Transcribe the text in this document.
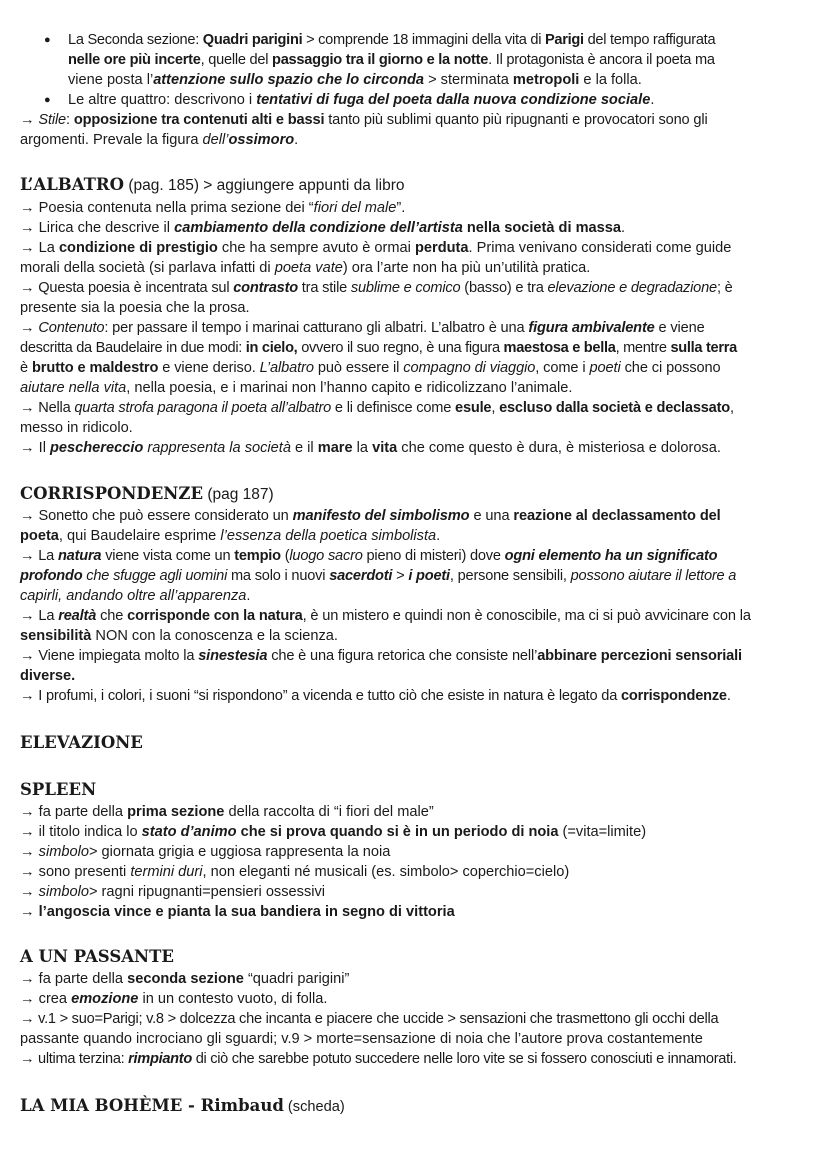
● La Seconda sezione: Quadri parigini > comprende 18 immagini della vita di Parigi del tempo raffigurata
nelle ore più incerte, quelle del passaggio tra il giorno e la notte. Il protagonista è ancora il poeta ma
viene posta l’attenzione sullo spazio che lo circonda > sterminata metropoli e la folla.
● Le altre quattro: descrivono i tentativi di fuga del poeta dalla nuova condizione sociale.
→ Stile: opposizione tra contenuti alti e bassi tanto più sublimi quanto più ripugnanti e provocatori sono gli
argomenti. Prevale la figura dell’ossimoro.
L’ALBATRO (pag. 185) > aggiungere appunti da libro
→ Poesia contenuta nella prima sezione dei “fiori del male”.
→ Lirica che descrive il cambiamento della condizione dell’artista nella società di massa.
→ La condizione di prestigio che ha sempre avuto è ormai perduta. Prima venivano considerati come guide
morali della società (si parlava infatti di poeta vate) ora l’arte non ha più un’utilità pratica.
→ Questa poesia è incentrata sul contrasto tra stile sublime e comico (basso) e tra elevazione e degradazione; è
presente sia la poesia che la prosa.
→ Contenuto: per passare il tempo i marinai catturano gli albatri. L’albatro è una figura ambivalente e viene
descritta da Baudelaire in due modi: in cielo, ovvero il suo regno, è una figura maestosa e bella, mentre sulla terra
è brutto e maldestro e viene deriso. L’albatro può essere il compagno di viaggio, come i poeti che ci possono
aiutare nella vita, nella poesia, e i marinai non l’hanno capito e ridicolizzano l’animale.
→ Nella quarta strofa paragona il poeta all’albatro e li definisce come esule, escluso dalla società e declassato,
messo in ridicolo.
→ Il peschereccio rappresenta la società e il mare la vita che come questo è dura, è misteriosa e dolorosa.
CORRISPONDENZE (pag 187)
→ Sonetto che può essere considerato un manifesto del simbolismo e una reazione al declassamento del
poeta, qui Baudelaire esprime l’essenza della poetica simbolista.
→ La natura viene vista come un tempio (luogo sacro pieno di misteri) dove ogni elemento ha un significato
profondo che sfugge agli uomini ma solo i nuovi sacerdoti > i poeti, persone sensibili, possono aiutare il lettore a
capirli, andando oltre all’apparenza.
→ La realtà che corrisponde con la natura, è un mistero e quindi non è conoscibile, ma ci si può avvicinare con la
sensibilità NON con la conoscenza e la scienza.
→ Viene impiegata molto la sinestesia che è una figura retorica che consiste nell’abbinare percezioni sensoriali
diverse.
→ I profumi, i colori, i suoni “si rispondono” a vicenda e tutto ciò che esiste in natura è legato da corrispondenze.
ELEVAZIONE
SPLEEN
→ fa parte della prima sezione della raccolta di “i fiori del male”
→ il titolo indica lo stato d’animo che si prova quando si è in un periodo di noia (=vita=limite)
→ simbolo> giornata grigia e uggiosa rappresenta la noia
→ sono presenti termini duri, non eleganti né musicali (es. simbolo> coperchio=cielo)
→ simbolo> ragni ripugnanti=pensieri ossessivi
→ l’angoscia vince e pianta la sua bandiera in segno di vittoria
A UN PASSANTE
→ fa parte della seconda sezione “quadri parigini”
→ crea emozione in un contesto vuoto, di folla.
→ v.1 > suo=Parigi; v.8 > dolcezza che incanta e piacere che uccide > sensazioni che trasmettono gli occhi della
passante quando incrociano gli sguardi; v.9 > morte=sensazione di noia che l’autore prova costantemente
→ ultima terzina: rimpianto di ciò che sarebbe potuto succedere nelle loro vite se si fossero conosciuti e innamorati.
LA MIA BOHÈME - Rimbaud (scheda)
